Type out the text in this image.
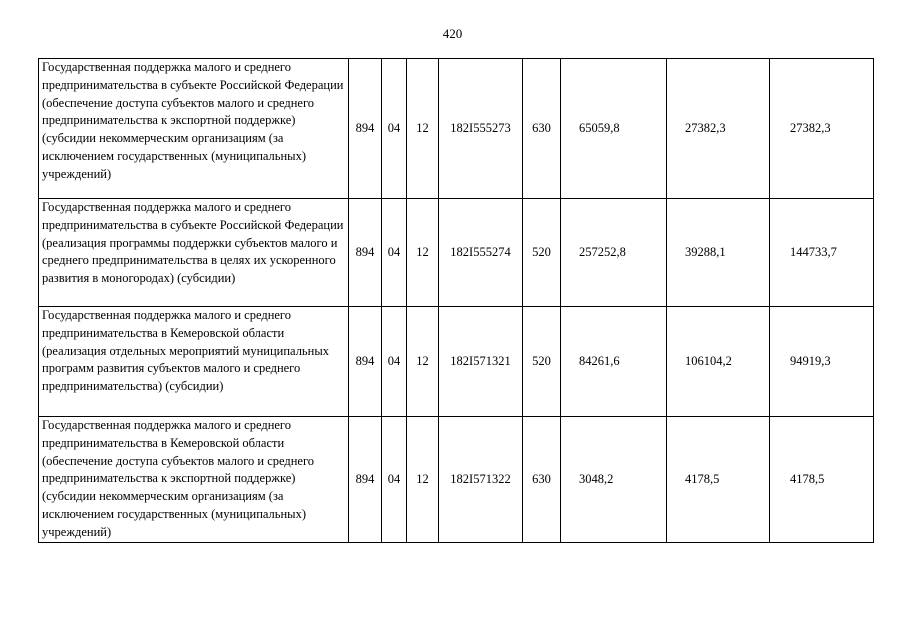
420
Государственная поддержка малого и среднего предпринимательства в субъекте Российской Федерации (обеспечение доступа субъектов малого и среднего предпринимательства к экспортной поддержке) (субсидии некоммерческим организациям (за исключением государственных (муниципальных) учреждений)	894	04	12	182I555273	630	65059,8	27382,3	27382,3
Государственная поддержка малого и среднего предпринимательства в субъекте Российской Федерации (реализация программы поддержки субъектов малого и среднего предпринимательства в целях их ускоренного развития в моногородах) (субсидии)	894	04	12	182I555274	520	257252,8	39288,1	144733,7
Государственная поддержка малого и среднего предпринимательства в Кемеровской области (реализация отдельных мероприятий муниципальных программ развития субъектов малого и среднего предпринимательства) (субсидии)	894	04	12	182I571321	520	84261,6	106104,2	94919,3
Государственная поддержка малого и среднего предпринимательства в Кемеровской области (обеспечение доступа субъектов малого и среднего предпринимательства к экспортной поддержке) (субсидии некоммерческим организациям (за исключением государственных (муниципальных) учреждений)	894	04	12	182I571322	630	3048,2	4178,5	4178,5
